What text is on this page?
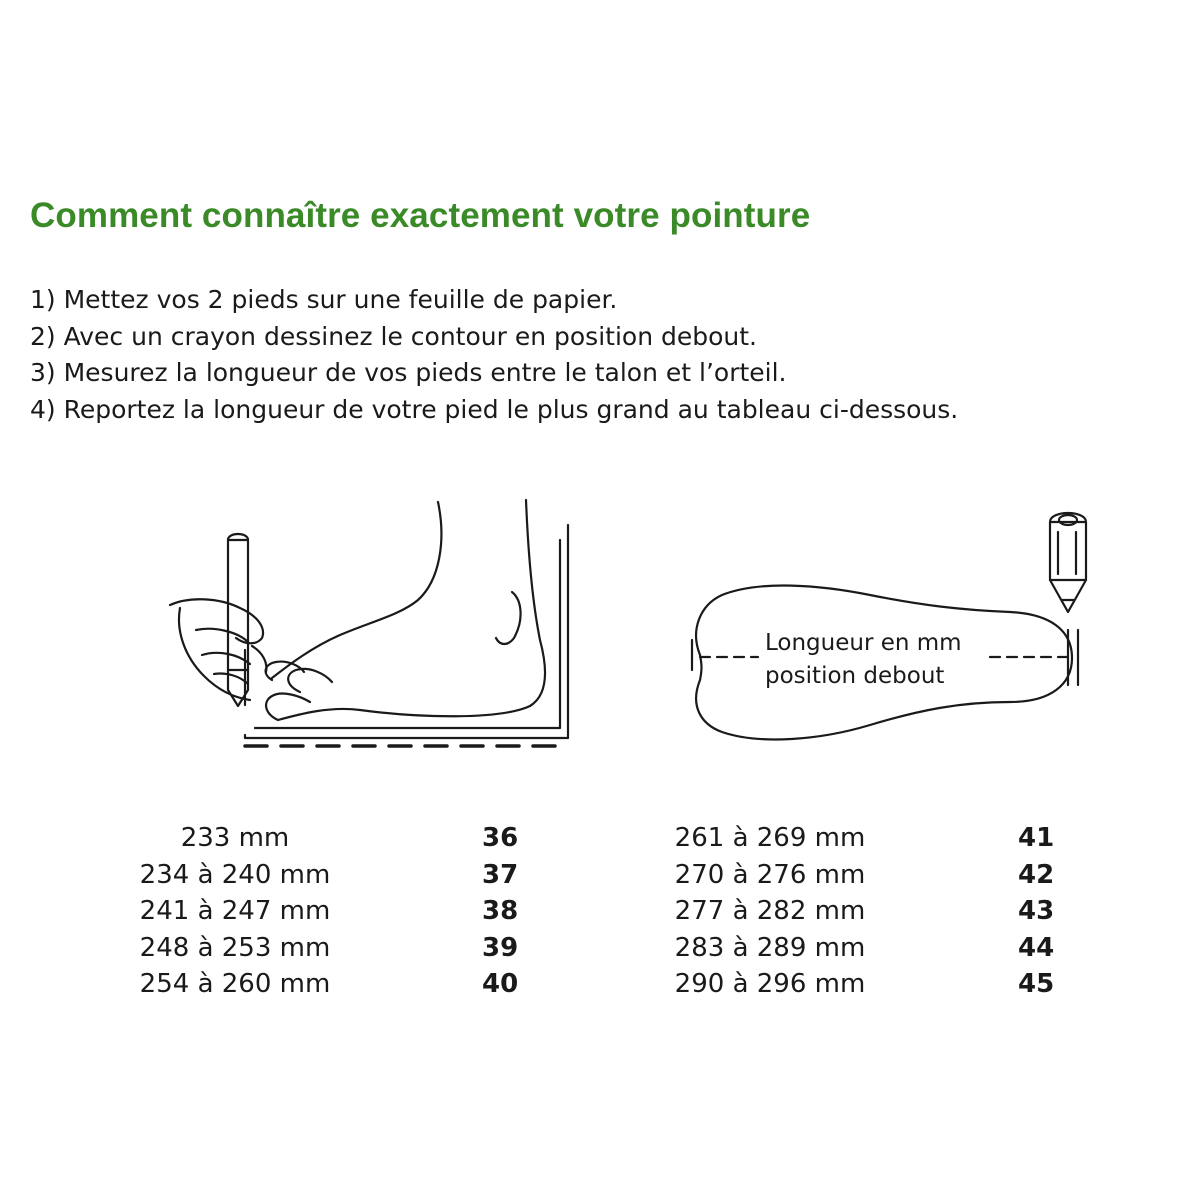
Comment connaître exactement votre pointure
1) Mettez vos 2 pieds sur une feuille de papier.
2) Avec un crayon dessinez le contour en position debout.
3) Mesurez la longueur de vos pieds entre le talon et l’orteil.
4) Reportez la longueur de votre pied le plus grand au tableau ci-dessous.
Longueur en mm
position debout
233 mm	36
234 à 240 mm	37
241 à 247 mm	38
248 à 253 mm	39
254 à 260 mm	40
261 à 269 mm	41
270 à 276 mm	42
277 à 282 mm	43
283 à 289 mm	44
290 à 296 mm	45
